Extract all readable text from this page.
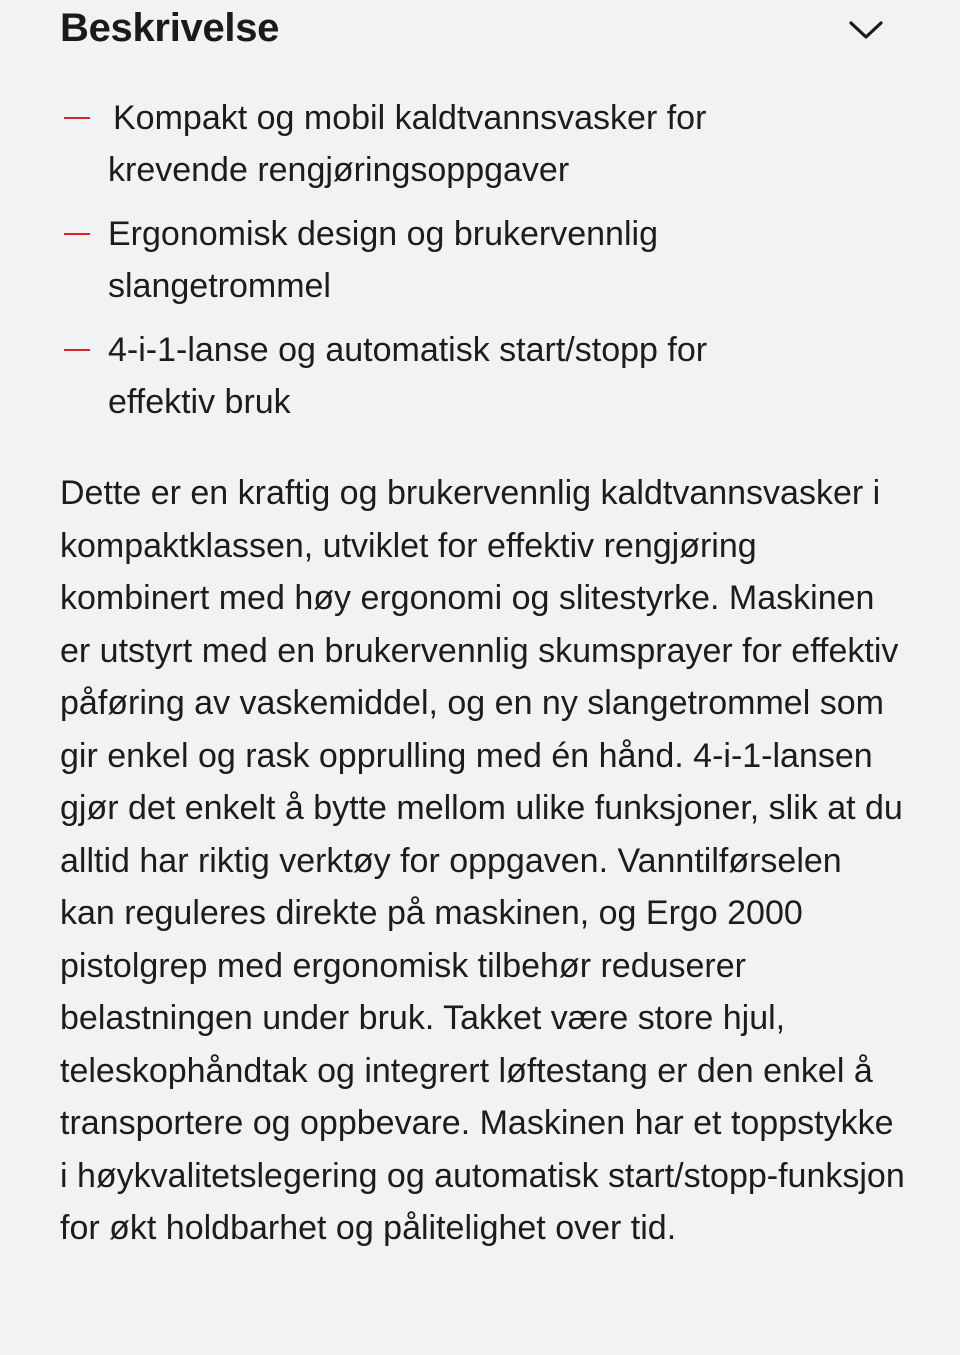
Beskrivelse
Kompakt og mobil kaldtvannsvasker for
krevende rengjøringsoppgaver
Ergonomisk design og brukervennlig
slangetrommel
4-i-1-lanse og automatisk start/stopp for
effektiv bruk

Dette er en kraftig og brukervennlig kaldtvannsvasker i kompaktklassen, utviklet for effektiv rengjøring kombinert med høy ergonomi og slitestyrke. Maskinen er utstyrt med en brukervennlig skumsprayer for effektiv påføring av vaskemiddel, og en ny slangetrommel som gir enkel og rask opprulling med én hånd. 4-i-1-lansen gjør det enkelt å bytte mellom ulike funksjoner, slik at du alltid har riktig verktøy for oppgaven. Vanntilførselen kan reguleres direkte på maskinen, og Ergo 2000 pistolgrep med ergonomisk tilbehør reduserer belastningen under bruk. Takket være store hjul, teleskophåndtak og integrert løftestang er den enkel å transportere og oppbevare. Maskinen har et toppstykke i høykvalitetslegering og automatisk start/stopp-funksjon for økt holdbarhet og pålitelighet over tid.
